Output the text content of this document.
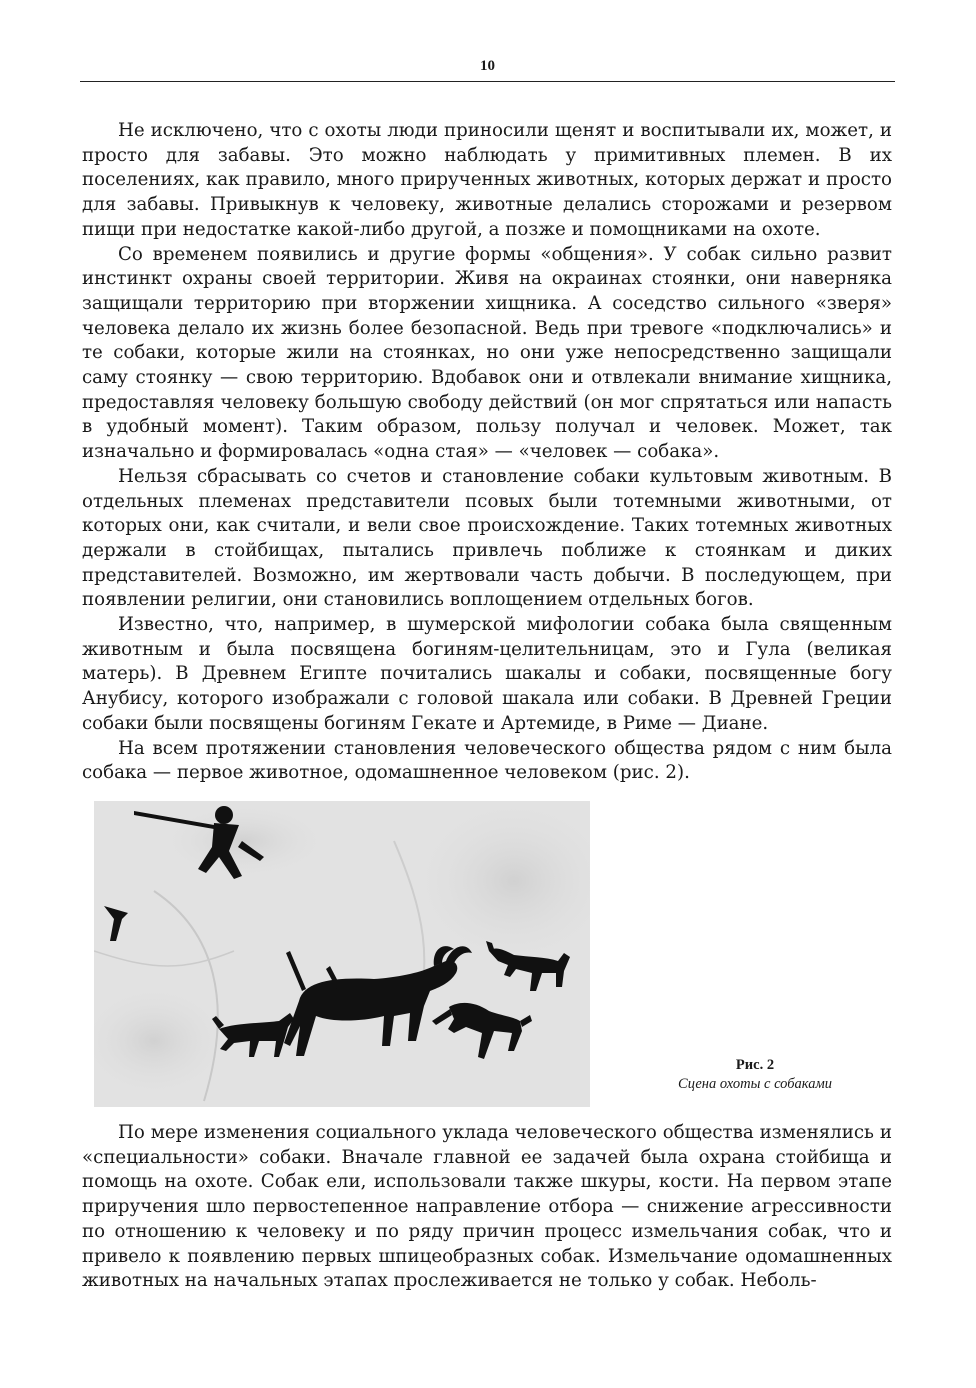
10

Не исключено, что с охоты люди приносили щенят и воспитывали их, может, и просто для забавы. Это можно наблюдать у примитивных племен. В их поселениях, как правило, много прирученных животных, которых держат и просто для забавы. Привыкнув к человеку, животные делались сторожами и резервом пищи при недостатке какой-либо другой, а позже и помощниками на охоте.

Со временем появились и другие формы «общения». У собак сильно развит инстинкт охраны своей территории. Живя на окраинах стоянки, они наверняка защищали территорию при вторжении хищника. А соседство сильного «зверя» человека делало их жизнь более безопасной. Ведь при тревоге «подключались» и те собаки, которые жили на стоянках, но они уже непосредственно защищали саму стоянку — свою территорию. Вдобавок они и отвлекали внимание хищника, предоставляя человеку большую свободу действий (он мог спрятаться или напасть в удобный момент). Таким образом, пользу получал и человек. Может, так изначально и формировалась «одна стая» — «человек — собака».

Нельзя сбрасывать со счетов и становление собаки культовым животным. В отдельных племенах представители псовых были тотемными животными, от которых они, как считали, и вели свое происхождение. Таких тотемных животных держали в стойбищах, пытались привлечь поближе к стоянкам и диких представителей. Возможно, им жертвовали часть добычи. В последующем, при появлении религии, они становились воплощением отдельных богов.

Известно, что, например, в шумерской мифологии собака была священным животным и была посвящена богиням-целительницам, это и Гула (великая матерь). В Древнем Египте почитались шакалы и собаки, посвященные богу Анубису, которого изображали с головой шакала или собаки. В Древней Греции собаки были посвящены богиням Гекате и Артемиде, в Риме — Диане.

На всем протяжении становления человеческого общества рядом с ним была собака — первое животное, одомашненное человеком (рис. 2).

Рис. 2
Сцена охоты с собаками

По мере изменения социального уклада человеческого общества изменялись и «специальности» собаки. Вначале главной ее задачей была охрана стойбища и помощь на охоте. Собак ели, использовали также шкуры, кости. На первом этапе приручения шло первостепенное направление отбора — снижение агрессивности по отношению к человеку и по ряду причин процесс измельчания собак, что и привело к появлению первых шпицеобразных собак. Измельчание одомашненных животных на начальных этапах прослеживается не только у собак. Неболь-
